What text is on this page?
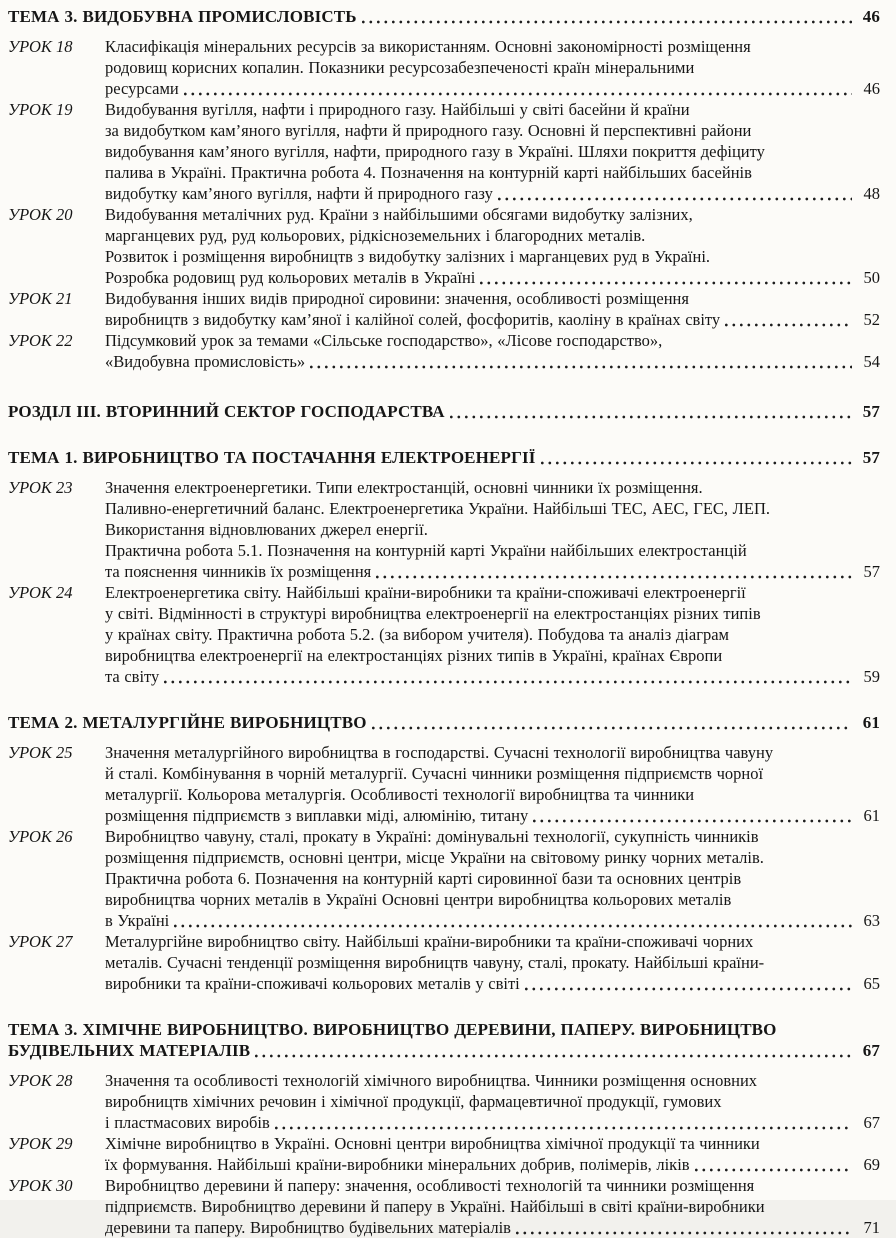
ТЕМА 3. ВИДОБУВНА ПРОМИСЛОВІСТЬ	46
УРОК 18	Класифікація мінеральних ресурсів за використанням. Основні закономірності розміщення
родовищ корисних копалин. Показники ресурсозабезпеченості країн мінеральними
ресурсами	46
УРОК 19	Видобування вугілля, нафти і природного газу. Найбільші у світі басейни й країни
за видобутком кам’яного вугілля, нафти й природного газу. Основні й перспективні райони
видобування кам’яного вугілля, нафти, природного газу в Україні. Шляхи покриття дефіциту
палива в Україні. Практична робота 4. Позначення на контурній карті найбільших басейнів
видобутку кам’яного вугілля, нафти й природного газу	48
УРОК 20	Видобування металічних руд. Країни з найбільшими обсягами видобутку залізних,
марганцевих руд, руд кольорових, рідкісноземельних і благородних металів.
Розвиток і розміщення виробництв з видобутку залізних і марганцевих руд в Україні.
Розробка родовищ руд кольорових металів в Україні	50
УРОК 21	Видобування інших видів природної сировини: значення, особливості розміщення
виробництв з видобутку кам’яної і калійної солей, фосфоритів, каоліну в країнах світу	52
УРОК 22	Підсумковий урок за темами «Сільське господарство», «Лісове господарство»,
«Видобувна промисловість»	54
РОЗДІЛ III. ВТОРИННИЙ СЕКТОР ГОСПОДАРСТВА	57
ТЕМА 1. ВИРОБНИЦТВО ТА ПОСТАЧАННЯ ЕЛЕКТРОЕНЕРГІЇ	57
УРОК 23	Значення електроенергетики. Типи електростанцій, основні чинники їх розміщення.
Паливно-енергетичний баланс. Електроенергетика України. Найбільші ТЕС, АЕС, ГЕС, ЛЕП.
Використання відновлюваних джерел енергії.
Практична робота 5.1. Позначення на контурній карті України найбільших електростанцій
та пояснення чинників їх розміщення	57
УРОК 24	Електроенергетика світу. Найбільші країни-виробники та країни-споживачі електроенергії
у світі. Відмінності в структурі виробництва електроенергії на електростанціях різних типів
у країнах світу. Практична робота 5.2. (за вибором учителя). Побудова та аналіз діаграм
виробництва електроенергії на електростанціях різних типів в Україні, країнах Європи
та світу	59
ТЕМА 2. МЕТАЛУРГІЙНЕ ВИРОБНИЦТВО	61
УРОК 25	Значення металургійного виробництва в господарстві. Сучасні технології виробництва чавуну
й сталі. Комбінування в чорній металургії. Сучасні чинники розміщення підприємств чорної
металургії. Кольорова металургія. Особливості технології виробництва та чинники
розміщення підприємств з виплавки міді, алюмінію, титану	61
УРОК 26	Виробництво чавуну, сталі, прокату в Україні: домінувальні технології, сукупність чинників
розміщення підприємств, основні центри, місце України на світовому ринку чорних металів.
Практична робота 6. Позначення на контурній карті сировинної бази та основних центрів
виробництва чорних металів в Україні Основні центри виробництва кольорових металів
в Україні	63
УРОК 27	Металургійне виробництво світу. Найбільші країни-виробники та країни-споживачі чорних
металів. Сучасні тенденції розміщення виробництв чавуну, сталі, прокату. Найбільші країни-
виробники та країни-споживачі кольорових металів у світі	65
ТЕМА 3. ХІМІЧНЕ ВИРОБНИЦТВО. ВИРОБНИЦТВО ДЕРЕВИНИ, ПАПЕРУ. ВИРОБНИЦТВО
БУДІВЕЛЬНИХ МАТЕРІАЛІВ	67
УРОК 28	Значення та особливості технологій хімічного виробництва. Чинники розміщення основних
виробництв хімічних речовин і хімічної продукції, фармацевтичної продукції, гумових
і пластмасових виробів	67
УРОК 29	Хімічне виробництво в Україні. Основні центри виробництва хімічної продукції та чинники
їх формування. Найбільші країни-виробники мінеральних добрив, полімерів, ліків	69
УРОК 30	Виробництво деревини й паперу: значення, особливості технологій та чинники розміщення
підприємств. Виробництво деревини й паперу в Україні. Найбільші в світі країни-виробники
деревини та паперу. Виробництво будівельних матеріалів	71
